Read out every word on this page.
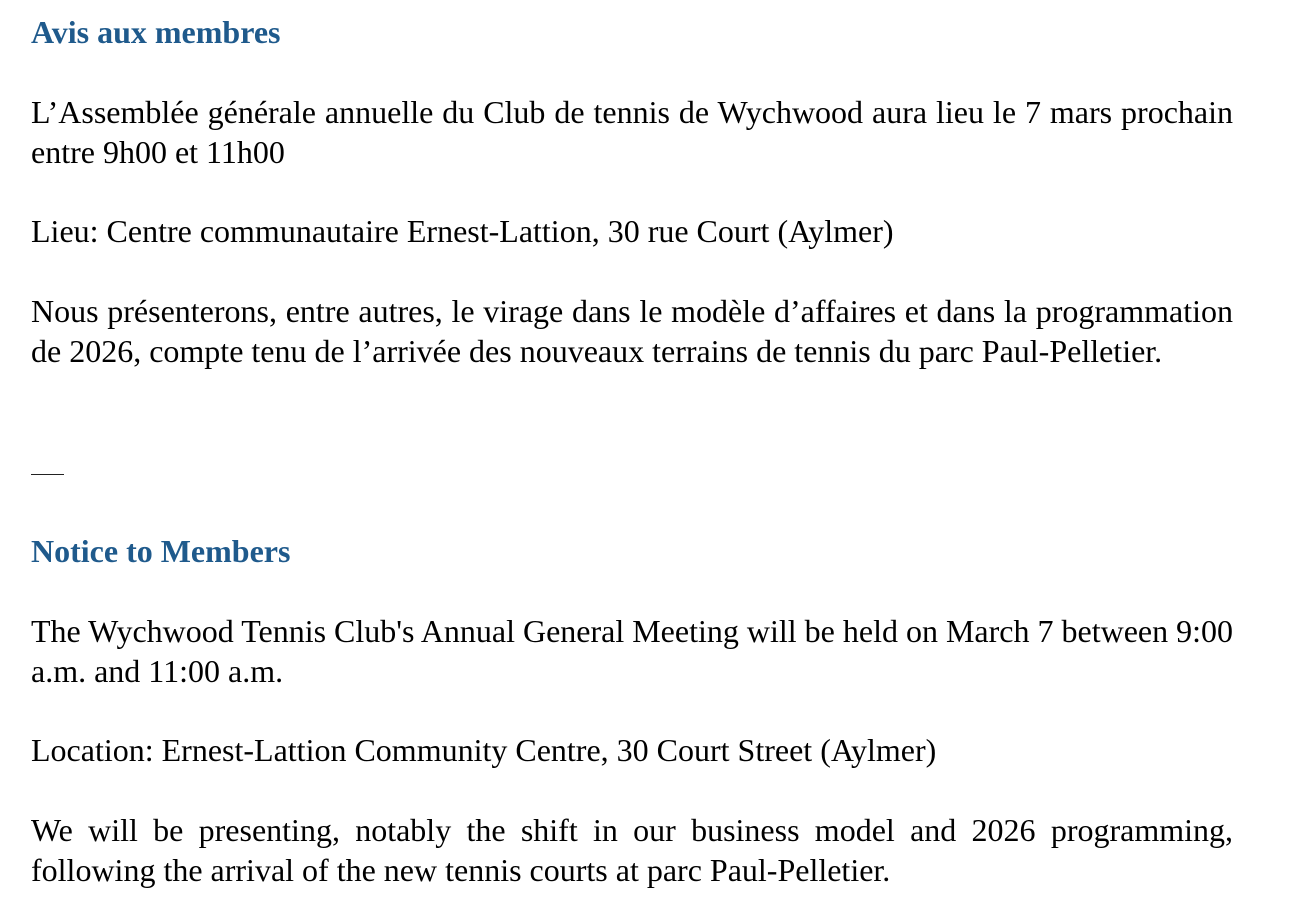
Avis aux membres

L’Assemblée générale annuelle du Club de tennis de Wychwood aura lieu le 7 mars prochain entre 9h00 et 11h00

Lieu: Centre communautaire Ernest-Lattion, 30 rue Court (Aylmer)

Nous présenterons, entre autres, le virage dans le modèle d’affaires et dans la programmation de 2026, compte tenu de l’arrivée des nouveaux terrains de tennis du parc Paul-Pelletier.

Notice to Members

The Wychwood Tennis Club's Annual General Meeting will be held on March 7 between 9:00 a.m. and 11:00 a.m.

Location: Ernest-Lattion Community Centre, 30 Court Street (Aylmer)

We will be presenting, notably the shift in our business model and 2026 programming, following the arrival of the new tennis courts at parc Paul-Pelletier.
